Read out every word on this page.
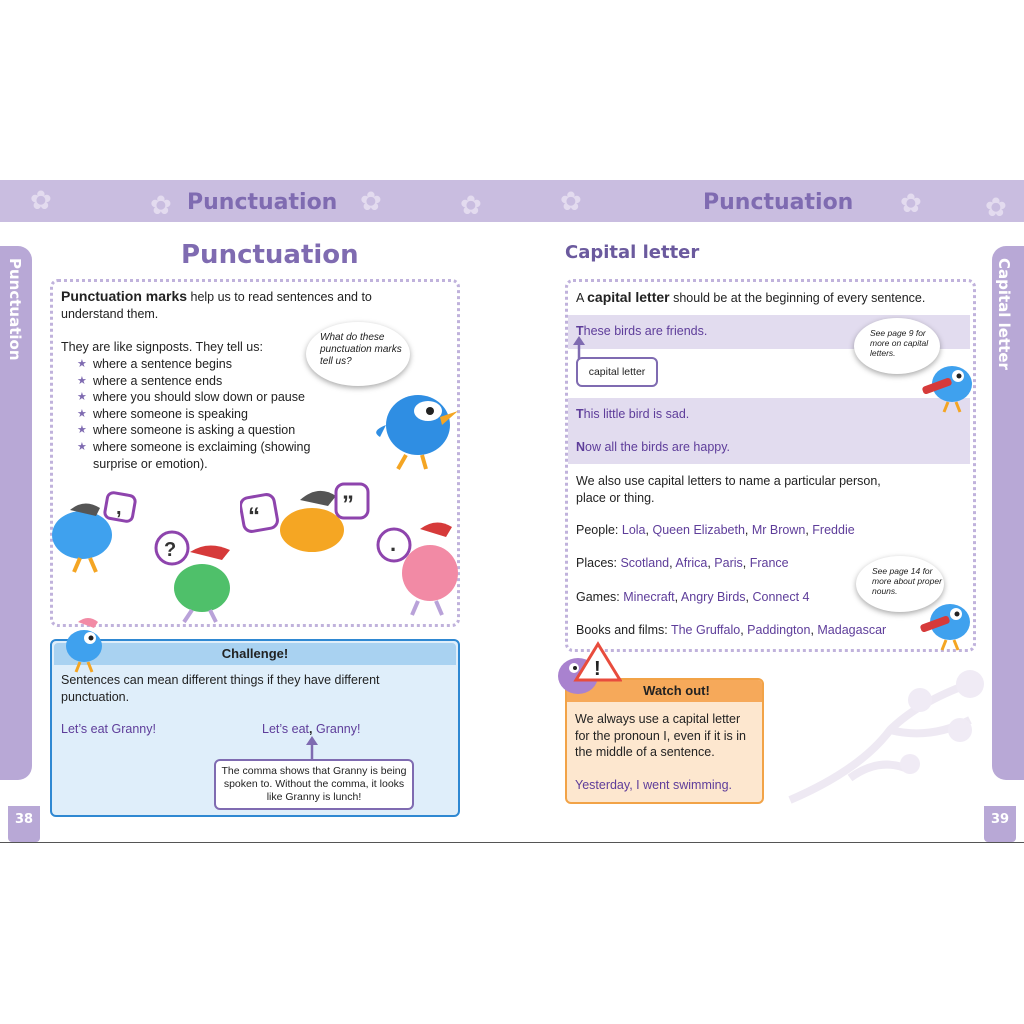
✿	✿	✿	✿	✿	✿ ✿
Punctuation	Punctuation
Punctuation	Capital letter
38	39
Punctuation
Punctuation marks help us to read sentences and to understand them.
They are like signposts. They tell us:
★ where a sentence begins
★ where a sentence ends
★ where you should slow down or pause
★ where someone is speaking
★ where someone is asking a question
★ where someone is exclaiming (showing surprise or emotion).
What do these punctuation marks tell us?
,
?
“	”
.
Challenge!
Sentences can mean different things if they have different punctuation.
Let’s eat Granny!	Let’s eat, Granny!
The comma shows that Granny is being spoken to. Without the comma, it looks like Granny is lunch!
Capital letter
A capital letter should be at the beginning of every sentence.
These birds are friends.
capital letter
This little bird is sad.
Now all the birds are happy.
See page 9 for more on capital letters.
We also use capital letters to name a particular person, place or thing.
People: Lola, Queen Elizabeth, Mr Brown, Freddie
Places: Scotland, Africa, Paris, France
Games: Minecraft, Angry Birds, Connect 4
Books and films: The Gruffalo, Paddington, Madagascar
See page 14 for more about proper nouns.
Watch out!
!
We always use a capital letter for the pronoun I, even if it is in the middle of a sentence.
Yesterday, I went swimming.
